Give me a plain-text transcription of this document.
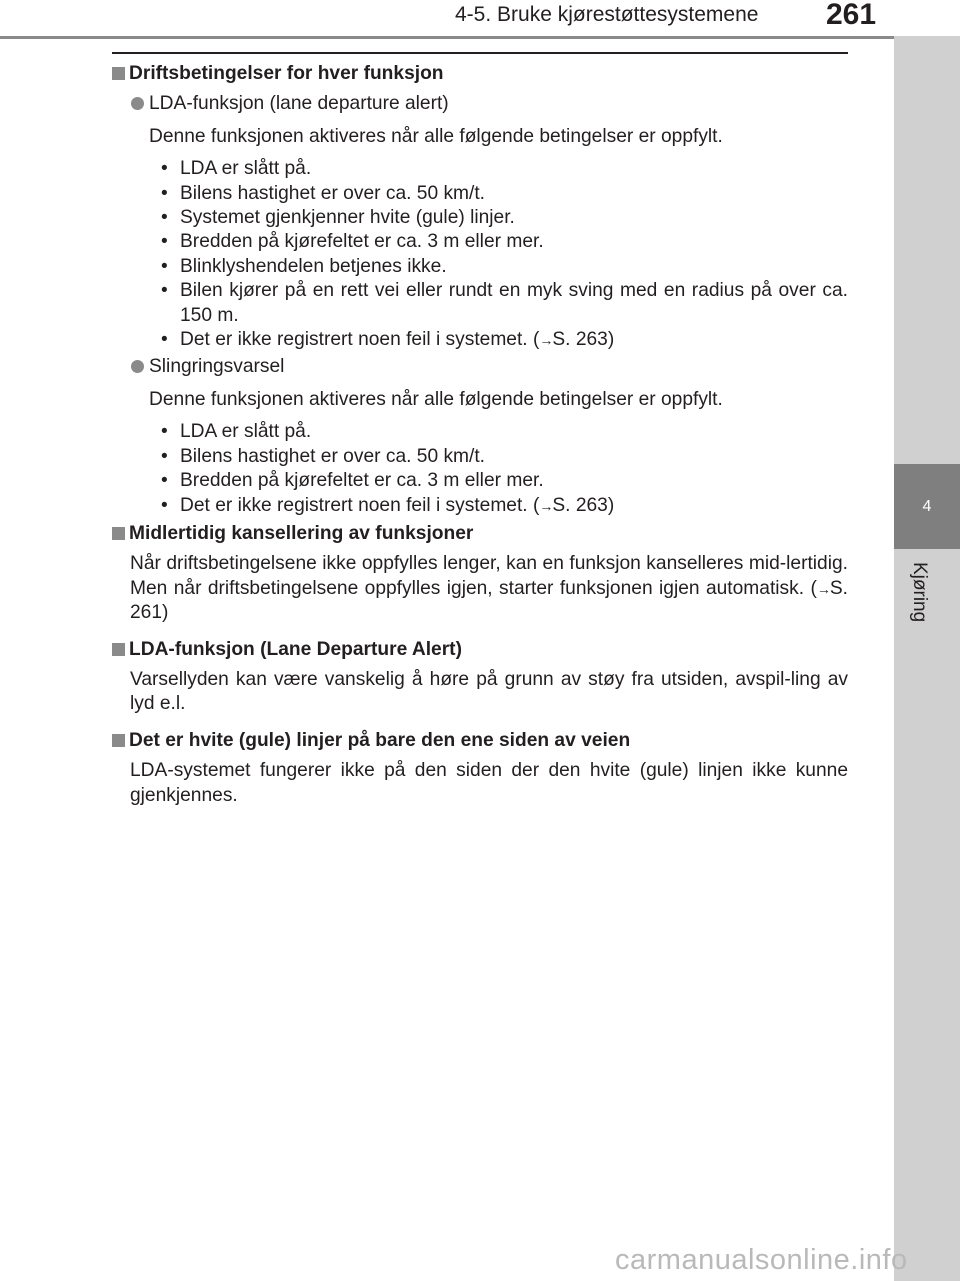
4-5. Bruke kjørestøttesystemene 261
4
Kjøring

Driftsbetingelser for hver funksjon

LDA-funksjon (lane departure alert)

Denne funksjonen aktiveres når alle følgende betingelser er oppfylt.

• LDA er slått på.
• Bilens hastighet er over ca. 50 km/t.
• Systemet gjenkjenner hvite (gule) linjer.
• Bredden på kjørefeltet er ca. 3 m eller mer.
• Blinklyshendelen betjenes ikke.
• Bilen kjører på en rett vei eller rundt en myk sving med en radius på over ca. 150 m.
• Det er ikke registrert noen feil i systemet. (→S. 263)

Slingringsvarsel

Denne funksjonen aktiveres når alle følgende betingelser er oppfylt.

• LDA er slått på.
• Bilens hastighet er over ca. 50 km/t.
• Bredden på kjørefeltet er ca. 3 m eller mer.
• Det er ikke registrert noen feil i systemet. (→S. 263)

Midlertidig kansellering av funksjoner

Når driftsbetingelsene ikke oppfylles lenger, kan en funksjon kanselleres mid-lertidig. Men når driftsbetingelsene oppfylles igjen, starter funksjonen igjen automatisk. (→S. 261)

LDA-funksjon (Lane Departure Alert)

Varsellyden kan være vanskelig å høre på grunn av støy fra utsiden, avspil-ling av lyd e.l.

Det er hvite (gule) linjer på bare den ene siden av veien

LDA-systemet fungerer ikke på den siden der den hvite (gule) linjen ikke kunne gjenkjennes.

carmanualsonline.info
